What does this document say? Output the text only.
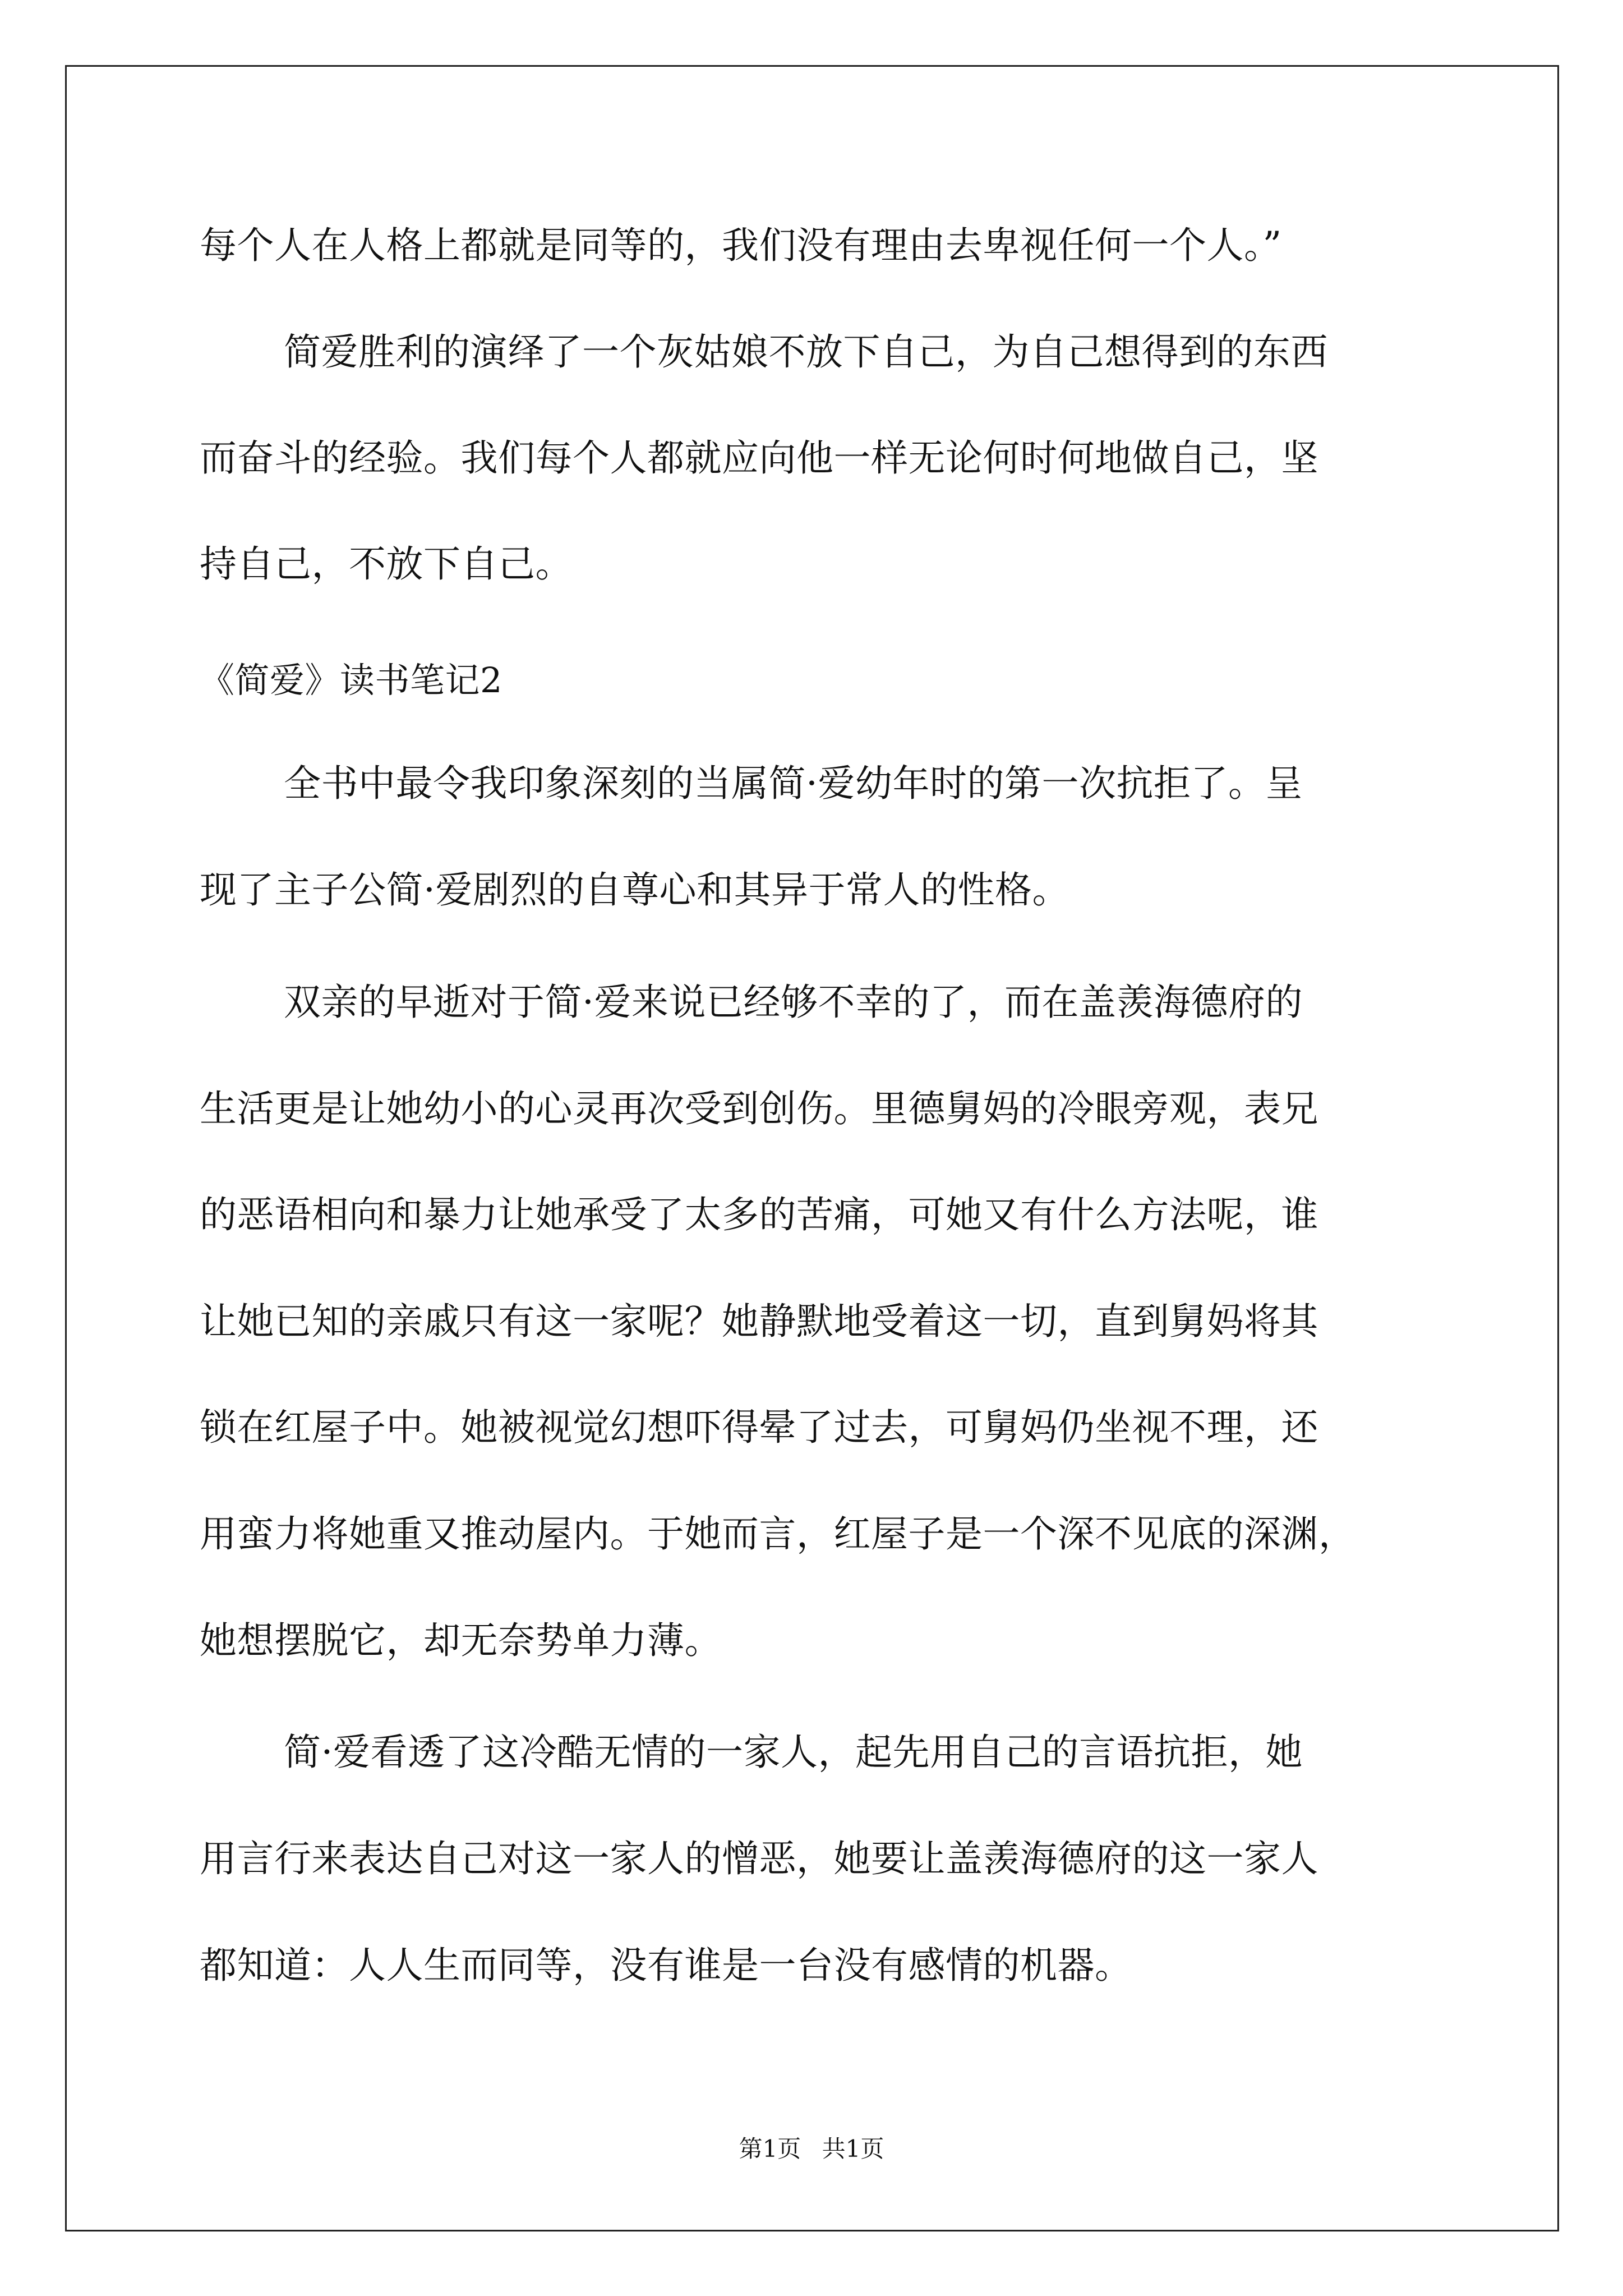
每个人在人格上都就是同等的，我们没有理由去卑视任何一个人。”
简爱胜利的演绎了一个灰姑娘不放下自己，为自己想得到的东西
而奋斗的经验。我们每个人都就应向他一样无论何时何地做自己，坚
持自己，不放下自己。
《简爱》读书笔记2
全书中最令我印象深刻的当属简·爱幼年时的第一次抗拒了。呈
现了主子公简·爱剧烈的自尊心和其异于常人的性格。
双亲的早逝对于简·爱来说已经够不幸的了，而在盖羡海德府的
生活更是让她幼小的心灵再次受到创伤。里德舅妈的冷眼旁观，表兄
的恶语相向和暴力让她承受了太多的苦痛，可她又有什么方法呢，谁
让她已知的亲戚只有这一家呢？她静默地受着这一切，直到舅妈将其
锁在红屋子中。她被视觉幻想吓得晕了过去，可舅妈仍坐视不理，还
用蛮力将她重又推动屋内。于她而言，红屋子是一个深不见底的深渊，
她想摆脱它，却无奈势单力薄。
简·爱看透了这冷酷无情的一家人，起先用自己的言语抗拒，她
用言行来表达自己对这一家人的憎恶，她要让盖羡海德府的这一家人
都知道：人人生而同等，没有谁是一台没有感情的机器。
第1页 共1页
